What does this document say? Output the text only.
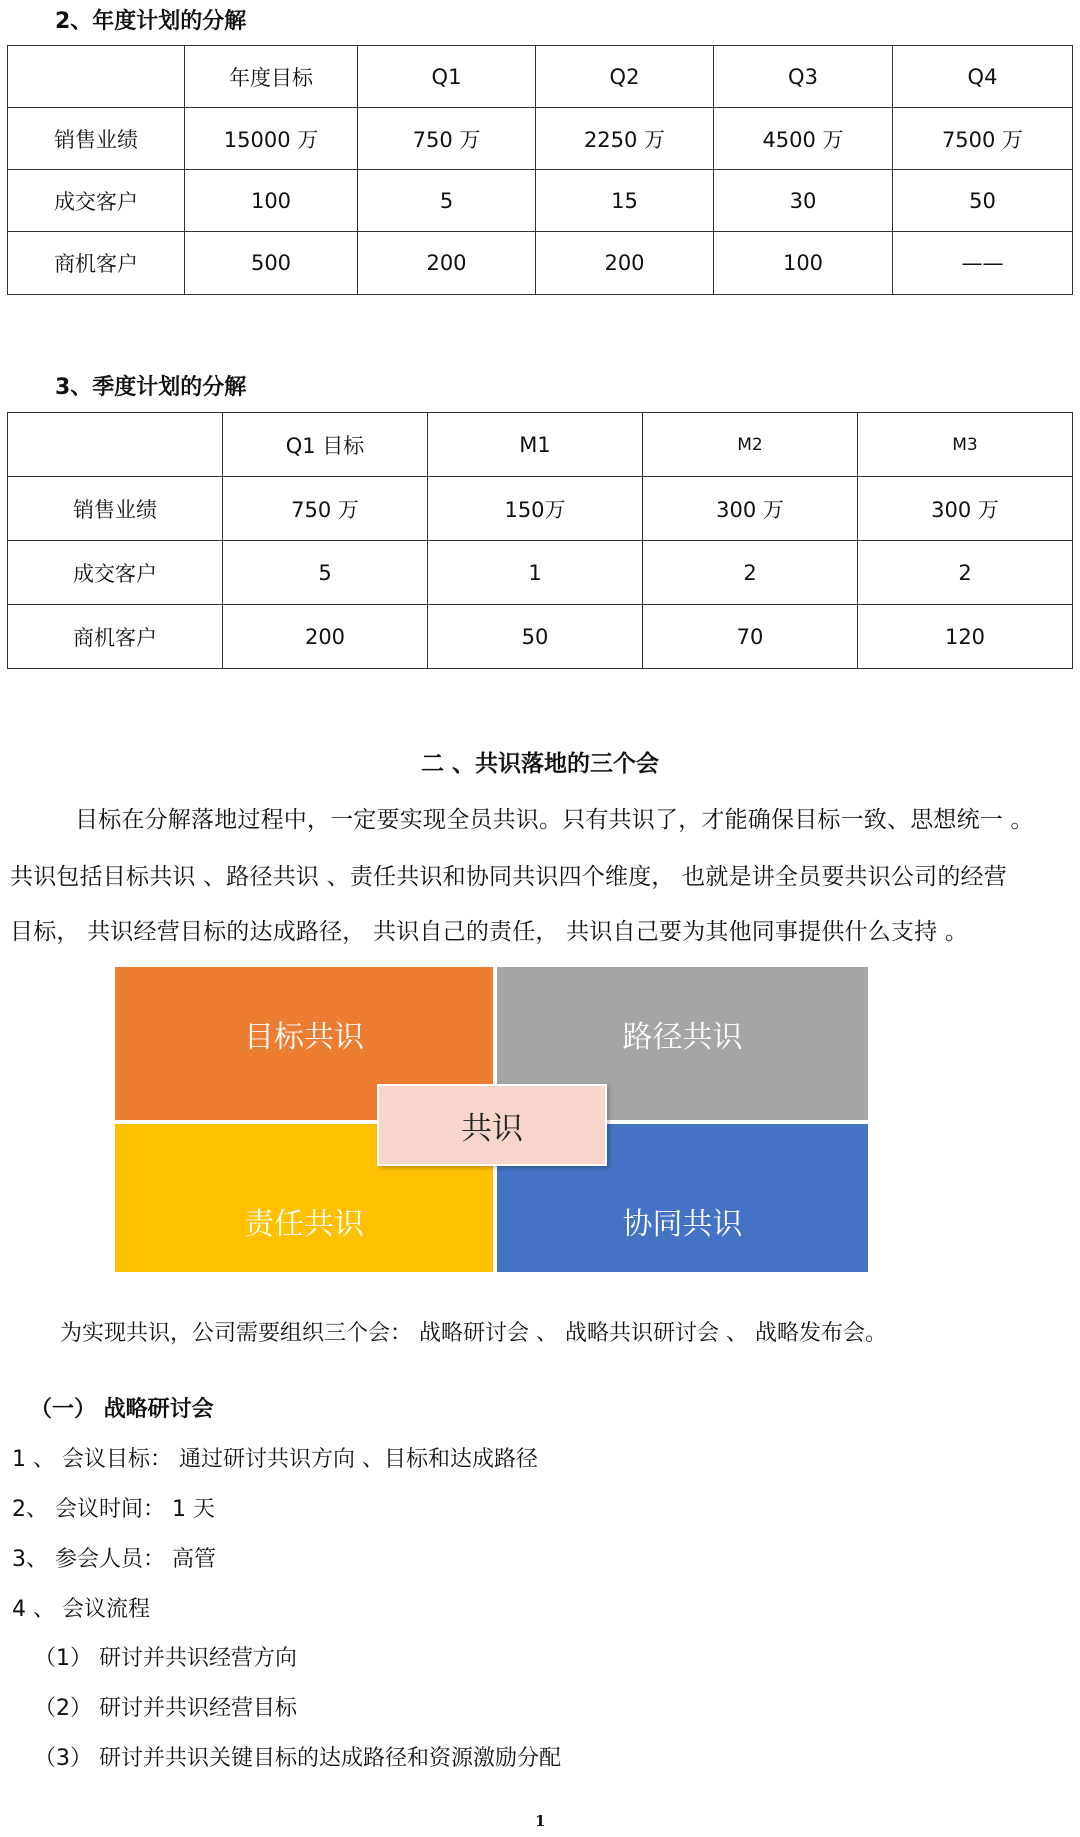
2、年度计划的分解
	年度目标	Q1	Q2	Q3	Q4
销售业绩	15000 万	750 万	2250 万	4500 万	7500 万
成交客户	100	5	15	30	50
商机客户	500	200	200	100	——
3、季度计划的分解
	Q1 目标	M1	M2	M3
销售业绩	750 万	150万	300 万	300 万
成交客户	5	1	2	2
商机客户	200	50	70	120
二 、共识落地的三个会
目标在分解落地过程中，一定要实现全员共识。只有共识了，才能确保目标一致、思想统一 。
共识包括目标共识 、路径共识 、责任共识和协同共识四个维度， 也就是讲全员要共识公司的经营
目标， 共识经营目标的达成路径， 共识自己的责任， 共识自己要为其他同事提供什么支持 。
目标共识	路径共识
责任共识	协同共识
共识
为实现共识，公司需要组织三个会： 战略研讨会 、 战略共识研讨会 、 战略发布会。
（一） 战略研讨会
1 、 会议目标： 通过研讨共识方向 、目标和达成路径
2、 会议时间： 1 天
3、 参会人员： 高管
4 、 会议流程
（1） 研讨并共识经营方向
（2） 研讨并共识经营目标
（3） 研讨并共识关键目标的达成路径和资源激励分配
1
